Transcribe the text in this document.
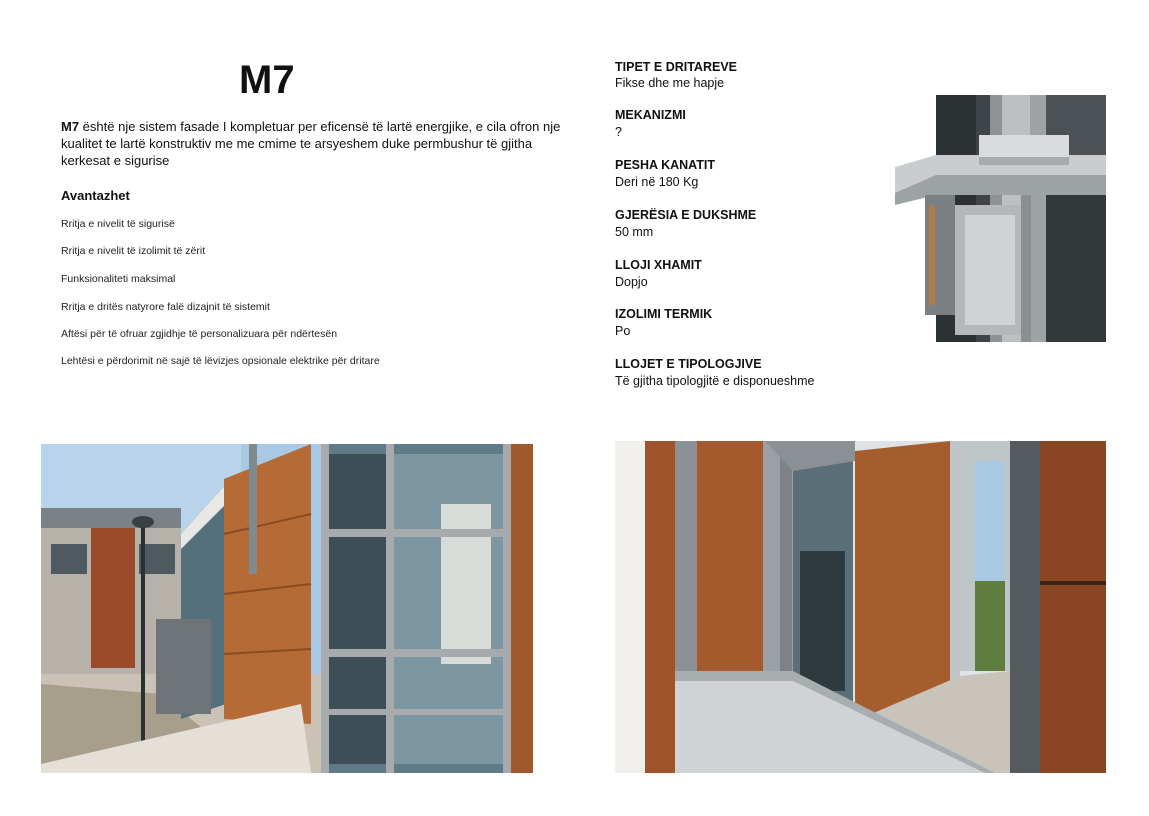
M7
M7 është nje sistem fasade I kompletuar per eficensë të lartë energjike, e cila ofron nje kualitet te lartë konstruktiv me me cmime te arsyeshem duke permbushur të gjitha kerkesat e sigurise
Avantazhet
Rritja e nivelit të sigurisë
Rritja e nivelit të izolimit të zërit
Funksionaliteti maksimal
Rritja e dritës natyrore falë dizajnit të sistemit
Aftësi për të ofruar zgjidhje të personalizuara për ndërtesën
Lehtësi e përdorimit në sajë të lëvizjes opsionale elektrike për dritare
TIPET E DRITAREVE
Fikse dhe me hapje
MEKANIZMI
?
PESHA KANATIT
Deri në 180 Kg
GJERËSIA E DUKSHME
50 mm
LLOJI XHAMIT
Dopjo
IZOLIMI TERMIK
Po
LLOJET E TIPOLOGJIVE
Të gjitha tipologjitë e disponueshme
